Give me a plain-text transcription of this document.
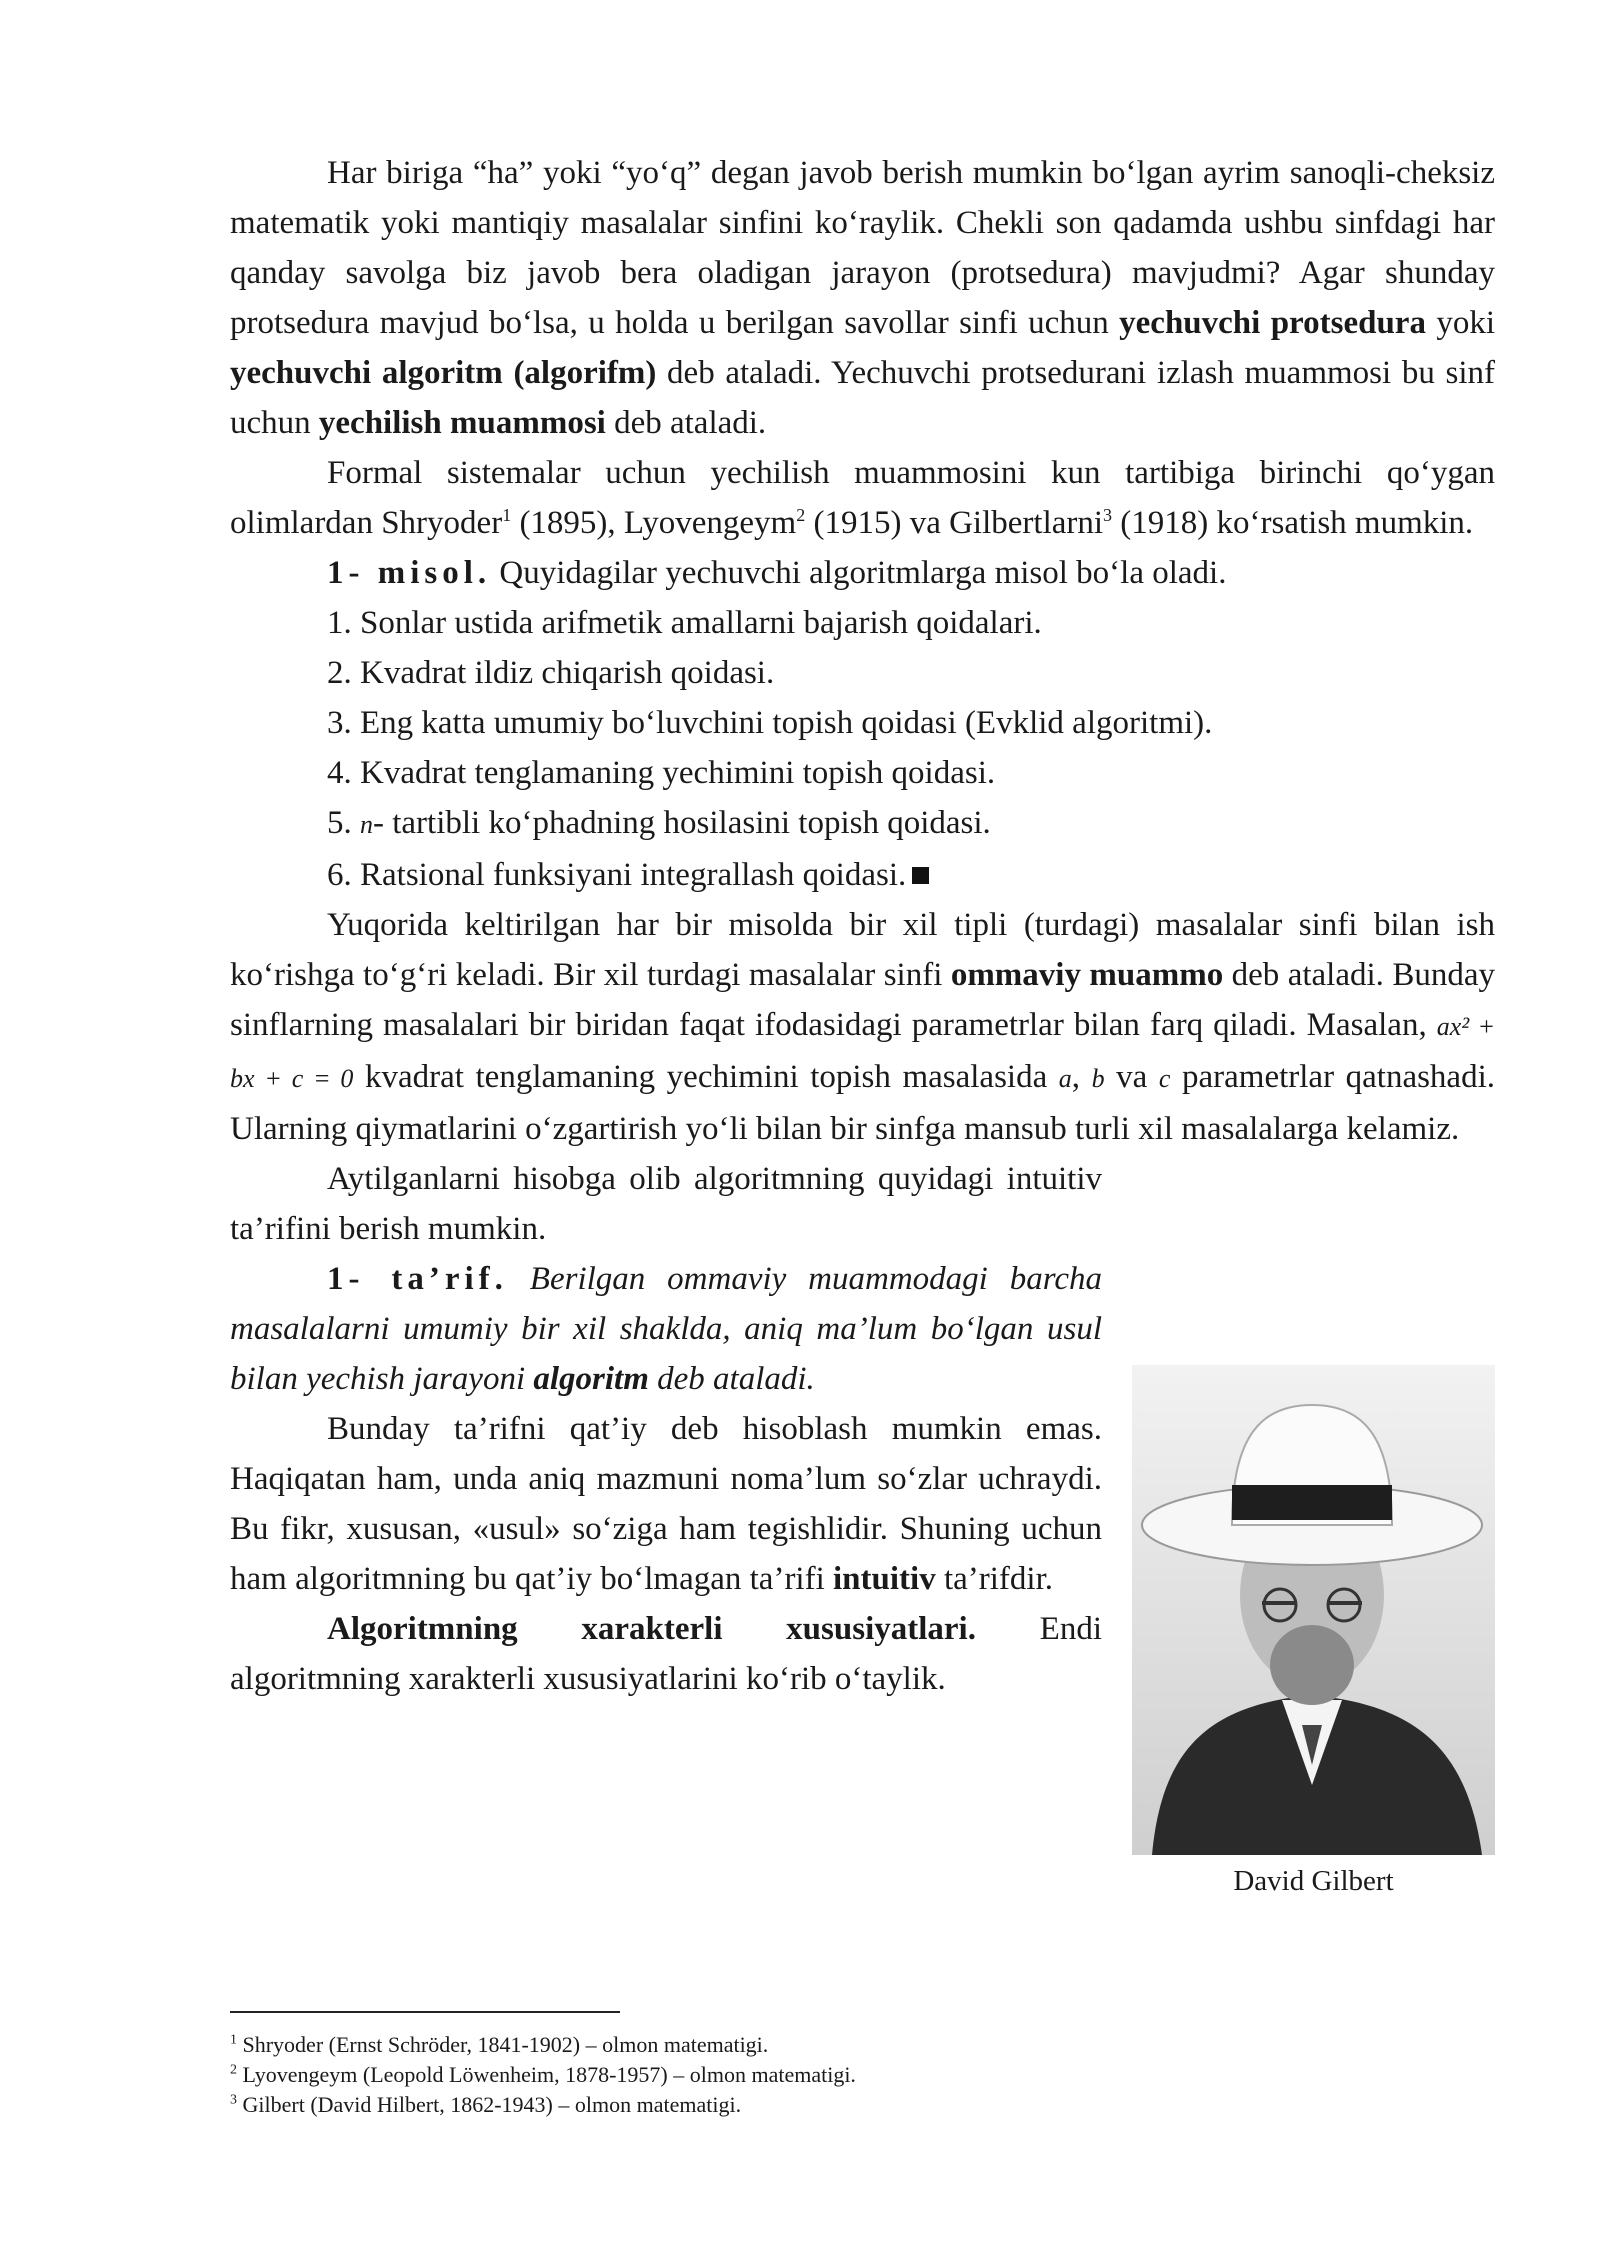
Har biriga “ha” yoki “yo‘q” degan javob berish mumkin bo‘lgan ayrim sanoqli-cheksiz matematik yoki mantiqiy masalalar sinfini ko‘raylik. Chekli son qadamda ushbu sinfdagi har qanday savolga biz javob bera oladigan jarayon (protsedura) mavjudmi? Agar shunday protsedura mavjud bo‘lsa, u holda u berilgan savollar sinfi uchun yechuvchi protsedura yoki yechuvchi algoritm (algorifm) deb ataladi. Yechuvchi protsedurani izlash muammosi bu sinf uchun yechilish muammosi deb ataladi.

Formal sistemalar uchun yechilish muammosini kun tartibiga birinchi qo‘ygan olimlardan Shryoder$^1$ (1895), Lyovengeym$^2$ (1915) va Gilbertlarni$^3$ (1918) ko‘rsatish mumkin.

1- misol. Quyidagilar yechuvchi algoritmlarga misol bo‘la oladi.

1. Sonlar ustida arifmetik amallarni bajarish qoidalari.

2. Kvadrat ildiz chiqarish qoidasi.

3. Eng katta umumiy bo‘luvchini topish qoidasi (Evklid algoritmi).

4. Kvadrat tenglamaning yechimini topish qoidasi.

5. n- tartibli ko‘phadning hosilasini topish qoidasi.

6. Ratsional funksiyani integrallash qoidasi.

Yuqorida keltirilgan har bir misolda bir xil tipli (turdagi) masalalar sinfi bilan ish ko‘rishga to‘g‘ri keladi. Bir xil turdagi masalalar sinfi ommaviy muammo deb ataladi. Bunday sinflarning masalalari bir biridan faqat ifodasidagi parametrlar bilan farq qiladi. Masalan, ax² + bx + c = 0 kvadrat tenglamaning yechimini topish masalasida a, b va c parametrlar qatnashadi. Ularning qiymatlarini o‘zgartirish yo‘li bilan bir sinfga mansub turli xil masalalarga kelamiz.

Aytilganlarni hisobga olib algoritmning quyidagi intuitiv ta’rifini berish mumkin.

1- ta’rif. Berilgan ommaviy muammodagi barcha masalalarni umumiy bir xil shaklda, aniq ma’lum bo‘lgan usul bilan yechish jarayoni algoritm deb ataladi.

Bunday ta’rifni qat’iy deb hisoblash mumkin emas. Haqiqatan ham, unda aniq mazmuni noma’lum so‘zlar uchraydi. Bu fikr, xususan, «usul» so‘ziga ham tegishlidir. Shuning uchun ham algoritmning bu qat’iy bo‘lmagan ta’rifi intuitiv ta’rifdir.

Algoritmning xarakterli xususiyatlari. Endi algoritmning xarakterli xususiyatlarini ko‘rib o‘taylik.

David Gilbert

$^1$ Shryoder (Ernst Schröder, 1841-1902) – olmon matematigi.

$^2$ Lyovengeym (Leopold Löwenheim, 1878-1957) – olmon matematigi.

$^3$ Gilbert (David Hilbert, 1862-1943) – olmon matematigi.
